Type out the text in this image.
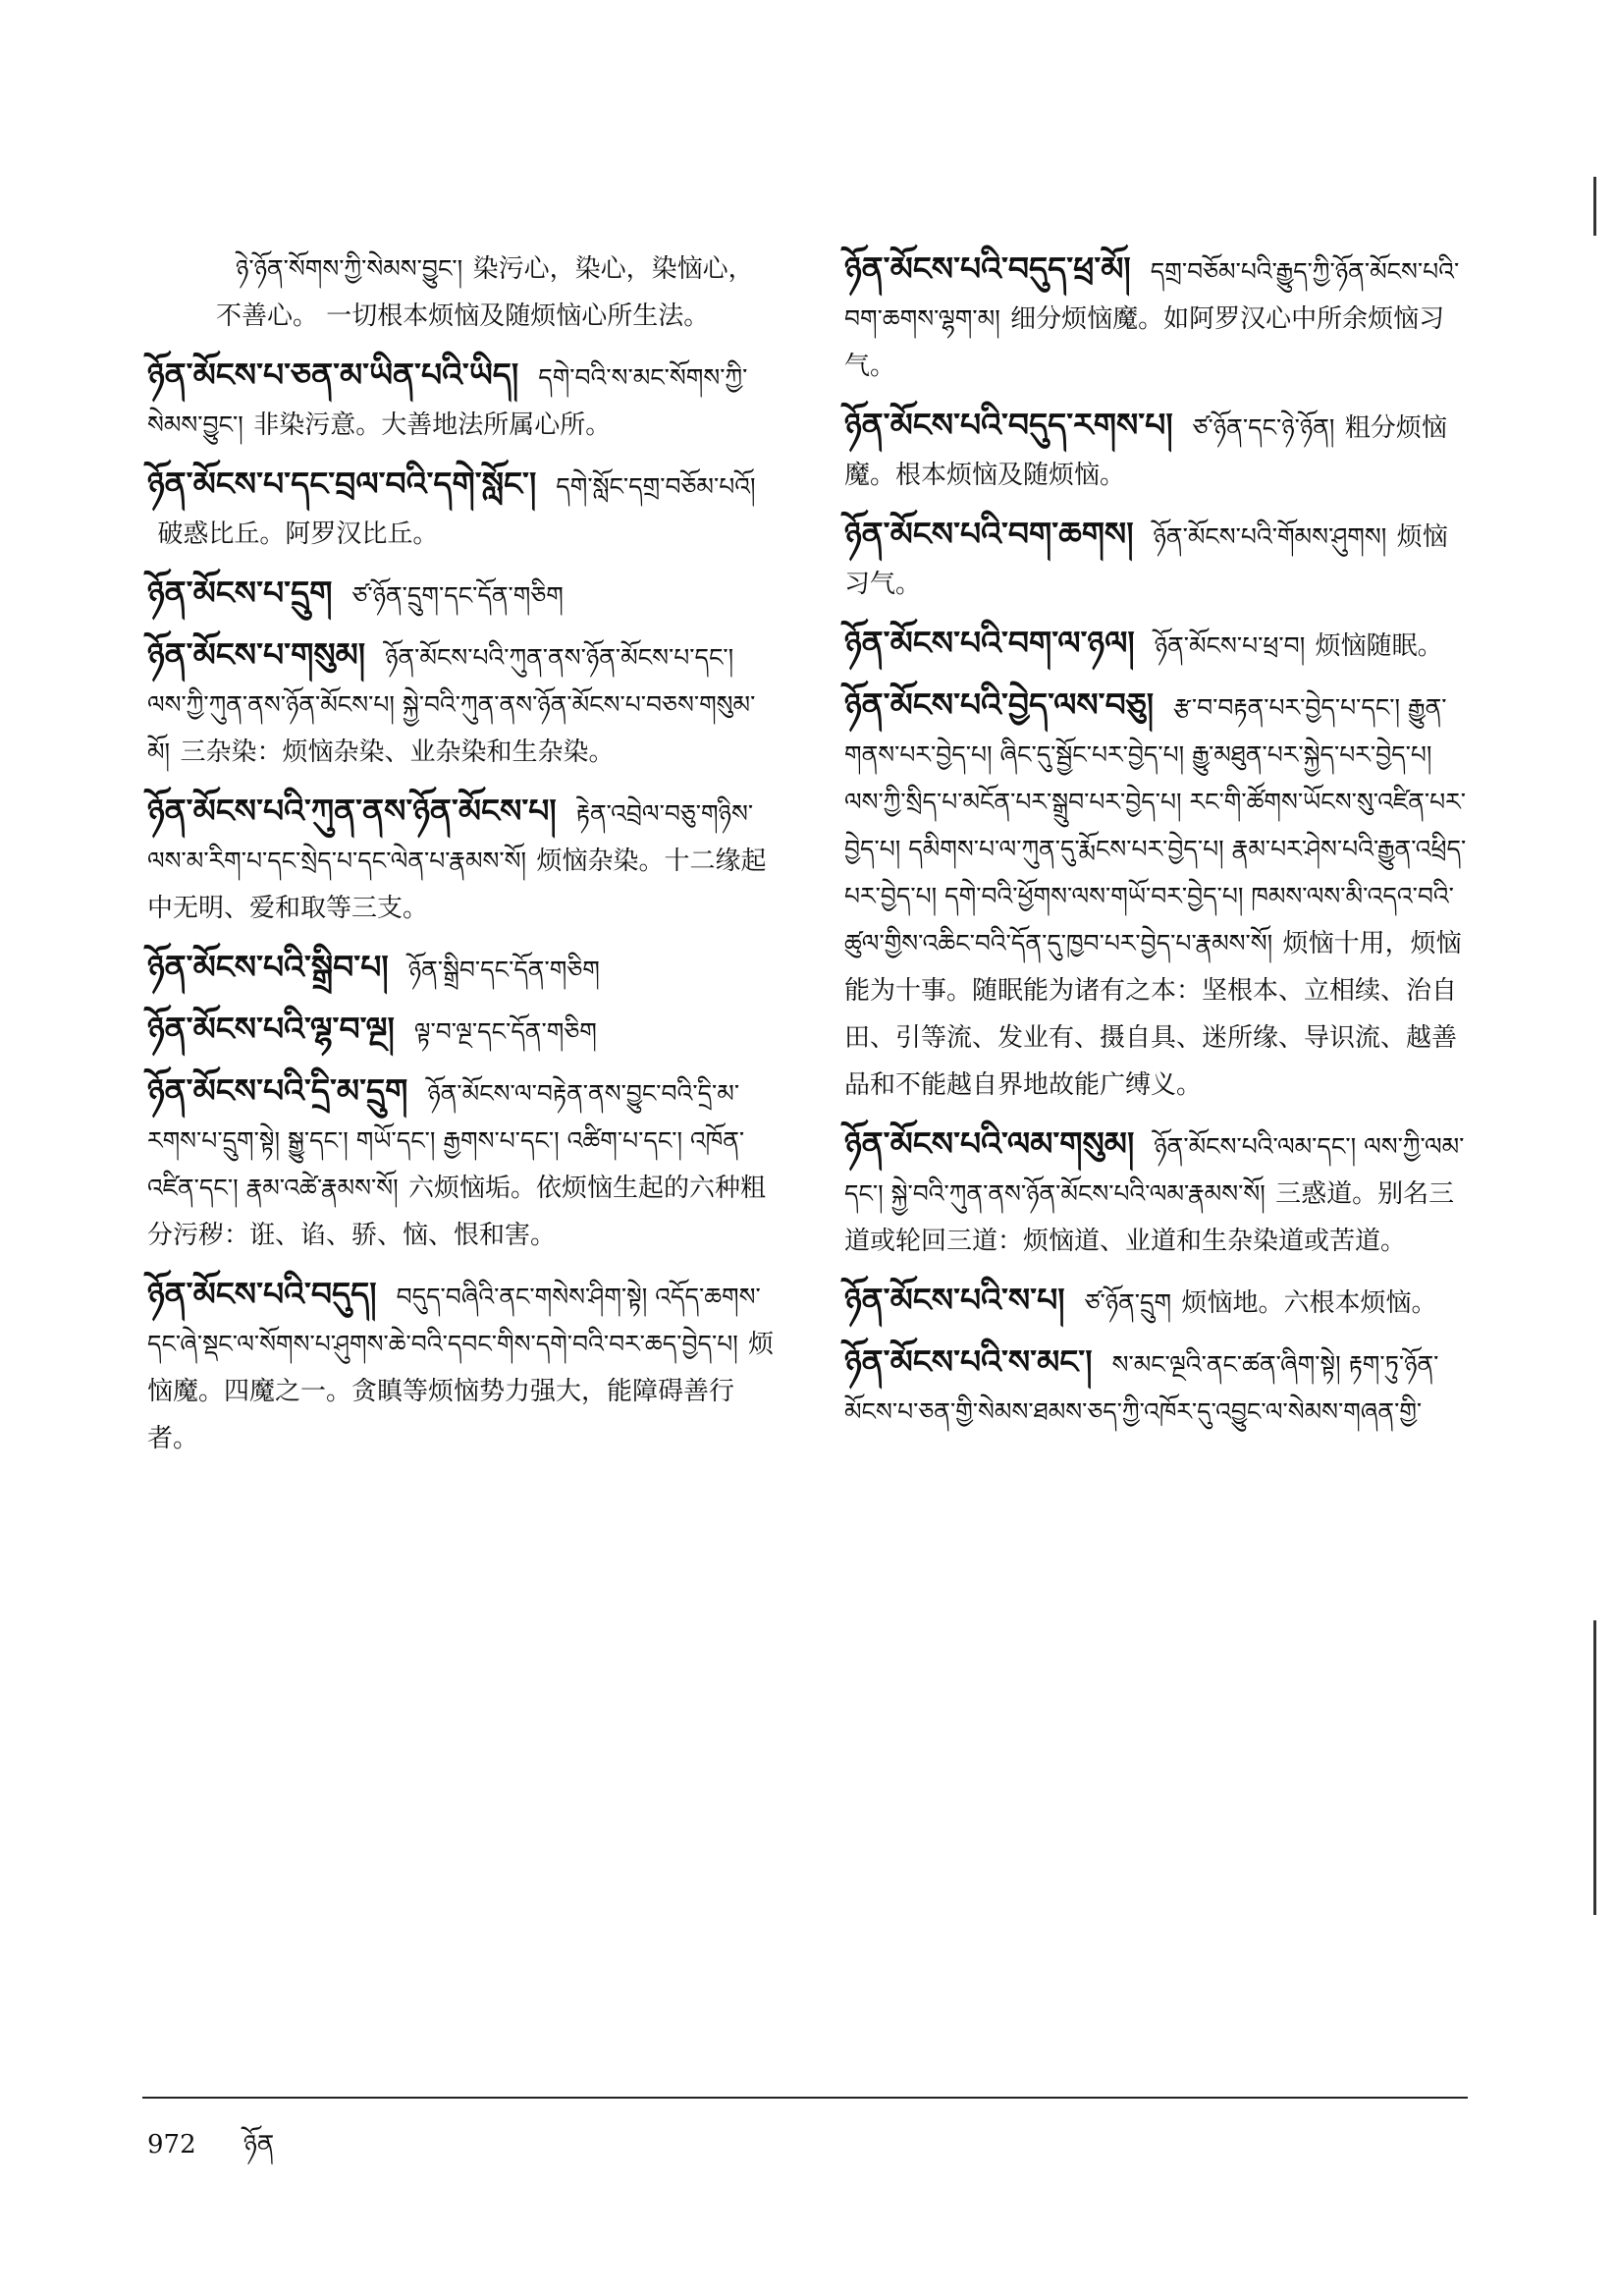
ཉེ་ཉོན་སོགས་ཀྱི་སེམས་བྱུང་། 染污心，染心，染恼心，不善心。 一切根本烦恼及随烦恼心所生法。
ཉོན་མོངས་པ་ཅན་མ་ཡིན་པའི་ཡིད། དགེ་བའི་ས་མང་སོགས་ཀྱི་སེམས་བྱུང་། 非染污意。大善地法所属心所。
ཉོན་མོངས་པ་དང་བྲལ་བའི་དགེ་སློང་། དགེ་སློང་དགྲ་བཅོམ་པའོ།破惑比丘。阿罗汉比丘。
ཉོན་མོངས་པ་དྲུག ཙ་ཉོན་དྲུག་དང་དོན་གཅིག
ཉོན་མོངས་པ་གསུམ། ཉོན་མོངས་པའི་ཀུན་ནས་ཉོན་མོངས་པ་དང་། ལས་ཀྱི་ཀུན་ནས་ཉོན་མོངས་པ། སྐྱེ་བའི་ཀུན་ནས་ཉོན་མོངས་པ་བཅས་གསུམ་མོ། 三杂染：烦恼杂染、业杂染和生杂染。
ཉོན་མོངས་པའི་ཀུན་ནས་ཉོན་མོངས་པ། རྟེན་འབྲེལ་བཅུ་གཉིས་ལས་མ་རིག་པ་དང་སྲེད་པ་དང་ལེན་པ་རྣམས་སོ། 烦恼杂染。十二缘起中无明、爱和取等三支。
ཉོན་མོངས་པའི་སྒྲིབ་པ། ཉོན་སྒྲིབ་དང་དོན་གཅིག
ཉོན་མོངས་པའི་ལྷ་བ་ལྔ། ལྟ་བ་ལྔ་དང་དོན་གཅིག
ཉོན་མོངས་པའི་དྲི་མ་དྲུག ཉོན་མོངས་ལ་བརྟེན་ནས་བྱུང་བའི་དྲི་མ་རགས་པ་དྲུག་སྟེ། སྒྱུ་དང་། གཡོ་དང་། རྒྱགས་པ་དང་། འཚིག་པ་དང་། འཁོན་འཛིན་དང་། རྣམ་འཚེ་རྣམས་སོ། 六烦恼垢。依烦恼生起的六种粗分污秽：诳、谄、骄、恼、恨和害。
ཉོན་མོངས་པའི་བདུད། བདུད་བཞིའི་ནང་གསེས་ཤིག་སྟེ། འདོད་ཆགས་དང་ཞེ་སྡང་ལ་སོགས་པ་ཤུགས་ཆེ་བའི་དབང་གིས་དགེ་བའི་བར་ཆད་བྱེད་པ། 烦恼魔。四魔之一。贪瞋等烦恼势力强大，能障碍善行者。
ཉོན་མོངས་པའི་བདུད་ཕྲ་མོ། དགྲ་བཅོམ་པའི་རྒྱུད་ཀྱི་ཉོན་མོངས་པའི་བག་ཆགས་ལྷག་མ། 细分烦恼魔。如阿罗汉心中所余烦恼习气。
ཉོན་མོངས་པའི་བདུད་རགས་པ། ཙ་ཉོན་དང་ཉེ་ཉོན། 粗分烦恼魔。根本烦恼及随烦恼。
ཉོན་མོངས་པའི་བག་ཆགས། ཉོན་མོངས་པའི་གོམས་ཤུགས། 烦恼习气。
ཉོན་མོངས་པའི་བག་ལ་ཉལ། ཉོན་མོངས་པ་ཕྲ་བ། 烦恼随眠。
ཉོན་མོངས་པའི་བྱེད་ལས་བཅུ། རྩ་བ་བརྟན་པར་བྱེད་པ་དང་། རྒྱུན་གནས་པར་བྱེད་པ། ཞིང་དུ་སྦྱོང་པར་བྱེད་པ། རྒྱུ་མཐུན་པར་སྐྱེད་པར་བྱེད་པ། ལས་ཀྱི་སྲིད་པ་མངོན་པར་སྒྲུབ་པར་བྱེད་པ། རང་གི་ཚོགས་ཡོངས་སུ་འཛིན་པར་བྱེད་པ། དམིགས་པ་ལ་ཀུན་དུ་རྨོངས་པར་བྱེད་པ། རྣམ་པར་ཤེས་པའི་རྒྱུན་འཕྲིད་པར་བྱེད་པ། དགེ་བའི་ཕྱོགས་ལས་གཡོ་བར་བྱེད་པ། ཁམས་ལས་མི་འདའ་བའི་ཚུལ་གྱིས་འཆིང་བའི་དོན་དུ་ཁྱབ་པར་བྱེད་པ་རྣམས་སོ། 烦恼十用，烦恼能为十事。随眠能为诸有之本：坚根本、立相续、治自田、引等流、发业有、摄自具、迷所缘、导识流、越善品和不能越自界地故能广缚义。
ཉོན་མོངས་པའི་ལམ་གསུམ། ཉོན་མོངས་པའི་ལམ་དང་། ལས་ཀྱི་ལམ་དང་། སྐྱེ་བའི་ཀུན་ནས་ཉོན་མོངས་པའི་ལམ་རྣམས་སོ། 三惑道。别名三道或轮回三道：烦恼道、业道和生杂染道或苦道。
ཉོན་མོངས་པའི་ས་པ། ཙ་ཉོན་དྲུག 烦恼地。六根本烦恼。
ཉོན་མོངས་པའི་ས་མང་། ས་མང་ལྔའི་ནང་ཚན་ཞིག་སྟེ། རྟག་ཏུ་ཉོན་མོངས་པ་ཅན་གྱི་སེམས་ཐམས་ཅད་ཀྱི་འཁོར་དུ་འབྱུང་ལ་སེམས་གཞན་གྱི་
972 ཉོན
